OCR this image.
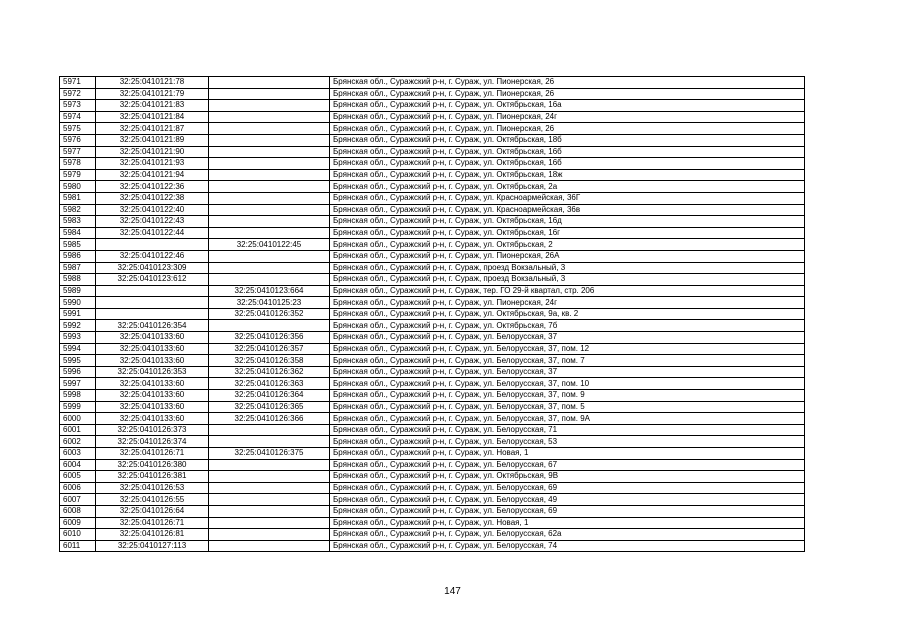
5971	32:25:0410121:78		Брянская обл., Суражский р-н, г. Сураж, ул. Пионерская, 26
5972	32:25:0410121:79		Брянская обл., Суражский р-н, г. Сураж, ул. Пионерская, 26
5973	32:25:0410121:83		Брянская обл., Суражский р-н, г. Сураж, ул. Октябрьская, 16а
5974	32:25:0410121:84		Брянская обл., Суражский р-н, г. Сураж, ул. Пионерская, 24г
5975	32:25:0410121:87		Брянская обл., Суражский р-н, г. Сураж, ул. Пионерская, 26
5976	32:25:0410121:89		Брянская обл., Суражский р-н, г. Сураж, ул. Октябрьская, 18б
5977	32:25:0410121:90		Брянская обл., Суражский р-н, г. Сураж, ул. Октябрьская, 16б
5978	32:25:0410121:93		Брянская обл., Суражский р-н, г. Сураж, ул. Октябрьская, 16б
5979	32:25:0410121:94		Брянская обл., Суражский р-н, г. Сураж, ул. Октябрьская, 18ж
5980	32:25:0410122:36		Брянская обл., Суражский р-н, г. Сураж, ул. Октябрьская, 2а
5981	32:25:0410122:38		Брянская обл., Суражский р-н, г. Сураж, ул. Красноармейская, 36Г
5982	32:25:0410122:40		Брянская обл., Суражский р-н, г. Сураж, ул. Красноармейская, 36в
5983	32:25:0410122:43		Брянская обл., Суражский р-н, г. Сураж, ул. Октябрьская, 16д
5984	32:25:0410122:44		Брянская обл., Суражский р-н, г. Сураж, ул. Октябрьская, 16г
5985		32:25:0410122:45	Брянская обл., Суражский р-н, г. Сураж, ул. Октябрьская, 2
5986	32:25:0410122:46		Брянская обл., Суражский р-н, г. Сураж, ул. Пионерская, 26А
5987	32:25:0410123:309		Брянская обл., Суражский р-н, г. Сураж, проезд Вокзальный, 3
5988	32:25:0410123:612		Брянская обл., Суражский р-н, г. Сураж, проезд Вокзальный, 3
5989		32:25:0410123:664	Брянская обл., Суражский р-н, г. Сураж, тер. ГО 29-й квартал, стр. 206
5990		32:25:0410125:23	Брянская обл., Суражский р-н, г. Сураж, ул. Пионерская, 24г
5991		32:25:0410126:352	Брянская обл., Суражский р-н, г. Сураж, ул. Октябрьская, 9а, кв. 2
5992	32:25:0410126:354		Брянская обл., Суражский р-н, г. Сураж, ул. Октябрьская, 7б
5993	32:25:0410133:60	32:25:0410126:356	Брянская обл., Суражский р-н, г. Сураж, ул. Белорусская, 37
5994	32:25:0410133:60	32:25:0410126:357	Брянская обл., Суражский р-н, г. Сураж, ул. Белорусская, 37, пом. 12
5995	32:25:0410133:60	32:25:0410126:358	Брянская обл., Суражский р-н, г. Сураж, ул. Белорусская, 37, пом. 7
5996	32:25:0410126:353	32:25:0410126:362	Брянская обл., Суражский р-н, г. Сураж, ул. Белорусская, 37
5997	32:25:0410133:60	32:25:0410126:363	Брянская обл., Суражский р-н, г. Сураж, ул. Белорусская, 37, пом. 10
5998	32:25:0410133:60	32:25:0410126:364	Брянская обл., Суражский р-н, г. Сураж, ул. Белорусская, 37, пом. 9
5999	32:25:0410133:60	32:25:0410126:365	Брянская обл., Суражский р-н, г. Сураж, ул. Белорусская, 37, пом. 5
6000	32:25:0410133:60	32:25:0410126:366	Брянская обл., Суражский р-н, г. Сураж, ул. Белорусская, 37, пом. 9А
6001	32:25:0410126:373		Брянская обл., Суражский р-н, г. Сураж, ул. Белорусская, 71
6002	32:25:0410126:374		Брянская обл., Суражский р-н, г. Сураж, ул. Белорусская, 53
6003	32:25:0410126:71	32:25:0410126:375	Брянская обл., Суражский р-н, г. Сураж, ул. Новая, 1
6004	32:25:0410126:380		Брянская обл., Суражский р-н, г. Сураж, ул. Белорусская, 67
6005	32:25:0410126:381		Брянская обл., Суражский р-н, г. Сураж, ул. Октябрьская, 9В
6006	32:25:0410126:53		Брянская обл., Суражский р-н, г. Сураж, ул. Белорусская, 69
6007	32:25:0410126:55		Брянская обл., Суражский р-н, г. Сураж, ул. Белорусская, 49
6008	32:25:0410126:64		Брянская обл., Суражский р-н, г. Сураж, ул. Белорусская, 69
6009	32:25:0410126:71		Брянская обл., Суражский р-н, г. Сураж, ул. Новая, 1
6010	32:25:0410126:81		Брянская обл., Суражский р-н, г. Сураж, ул. Белорусская, 62а
6011	32:25:0410127:113		Брянская обл., Суражский р-н, г. Сураж, ул. Белорусская, 74
147
